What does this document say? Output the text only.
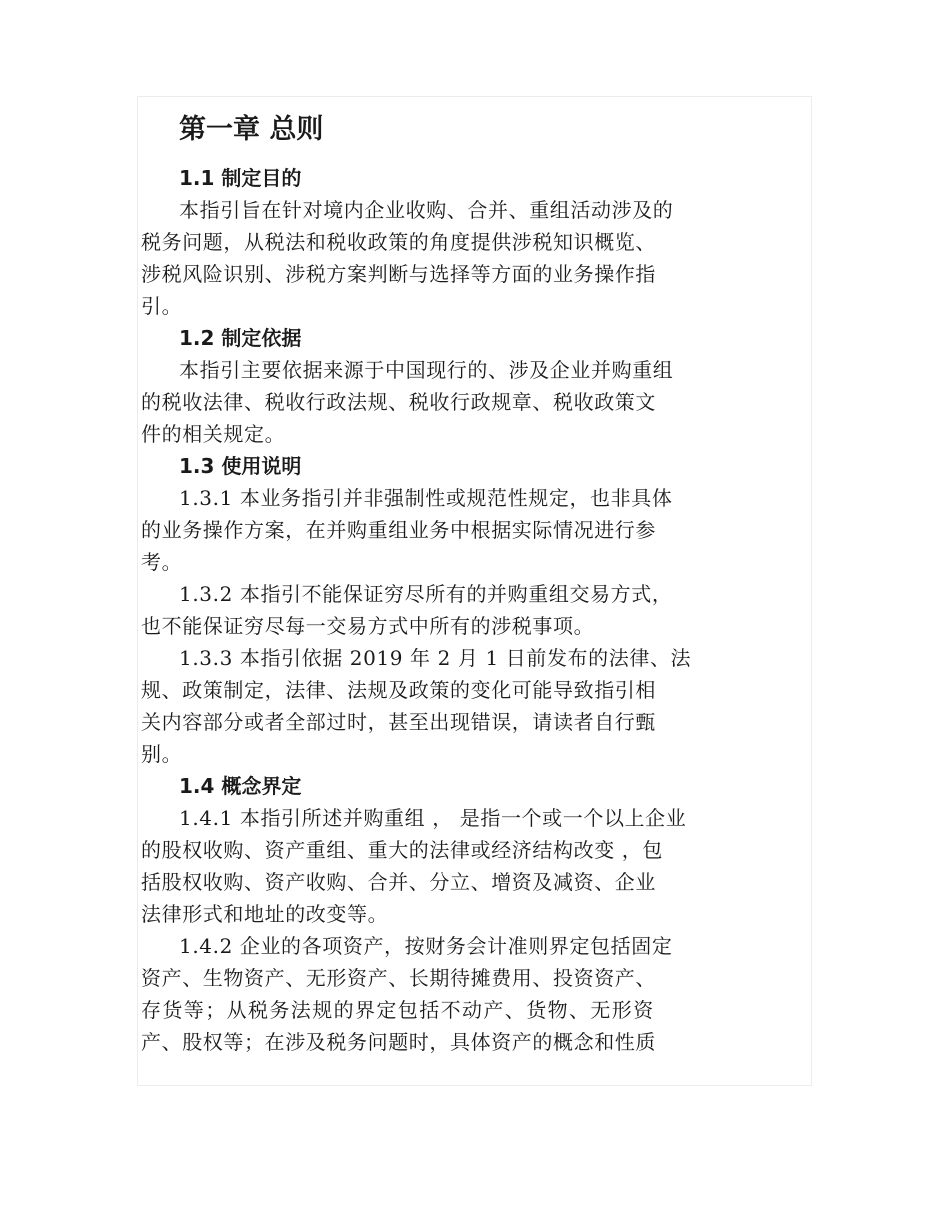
第一章 总则
1.1 制定目的
本指引旨在针对境内企业收购、合并、重组活动涉及的
税务问题，从税法和税收政策的角度提供涉税知识概览、
涉税风险识别、涉税方案判断与选择等方面的业务操作指
引。
1.2 制定依据
本指引主要依据来源于中国现行的、涉及企业并购重组
的税收法律、税收行政法规、税收行政规章、税收政策文
件的相关规定。
1.3 使用说明
1.3.1 本业务指引并非强制性或规范性规定，也非具体
的业务操作方案，在并购重组业务中根据实际情况进行参
考。
1.3.2 本指引不能保证穷尽所有的并购重组交易方式，
也不能保证穷尽每一交易方式中所有的涉税事项。
1.3.3 本指引依据 2019 年 2 月 1 日前发布的法律、法
规、政策制定，法律、法规及政策的变化可能导致指引相
关内容部分或者全部过时，甚至出现错误，请读者自行甄
别。
1.4 概念界定
1.4.1 本指引所述并购重组 ， 是指一个或一个以上企业
的股权收购、资产重组、重大的法律或经济结构改变 ，包
括股权收购、资产收购、合并、分立、增资及减资、企业
法律形式和地址的改变等。
1.4.2 企业的各项资产，按财务会计准则界定包括固定
资产、生物资产、无形资产、长期待摊费用、投资资产、
存货等；从税务法规的界定包括不动产、货物、无形资
产、股权等；在涉及税务问题时，具体资产的概念和性质
